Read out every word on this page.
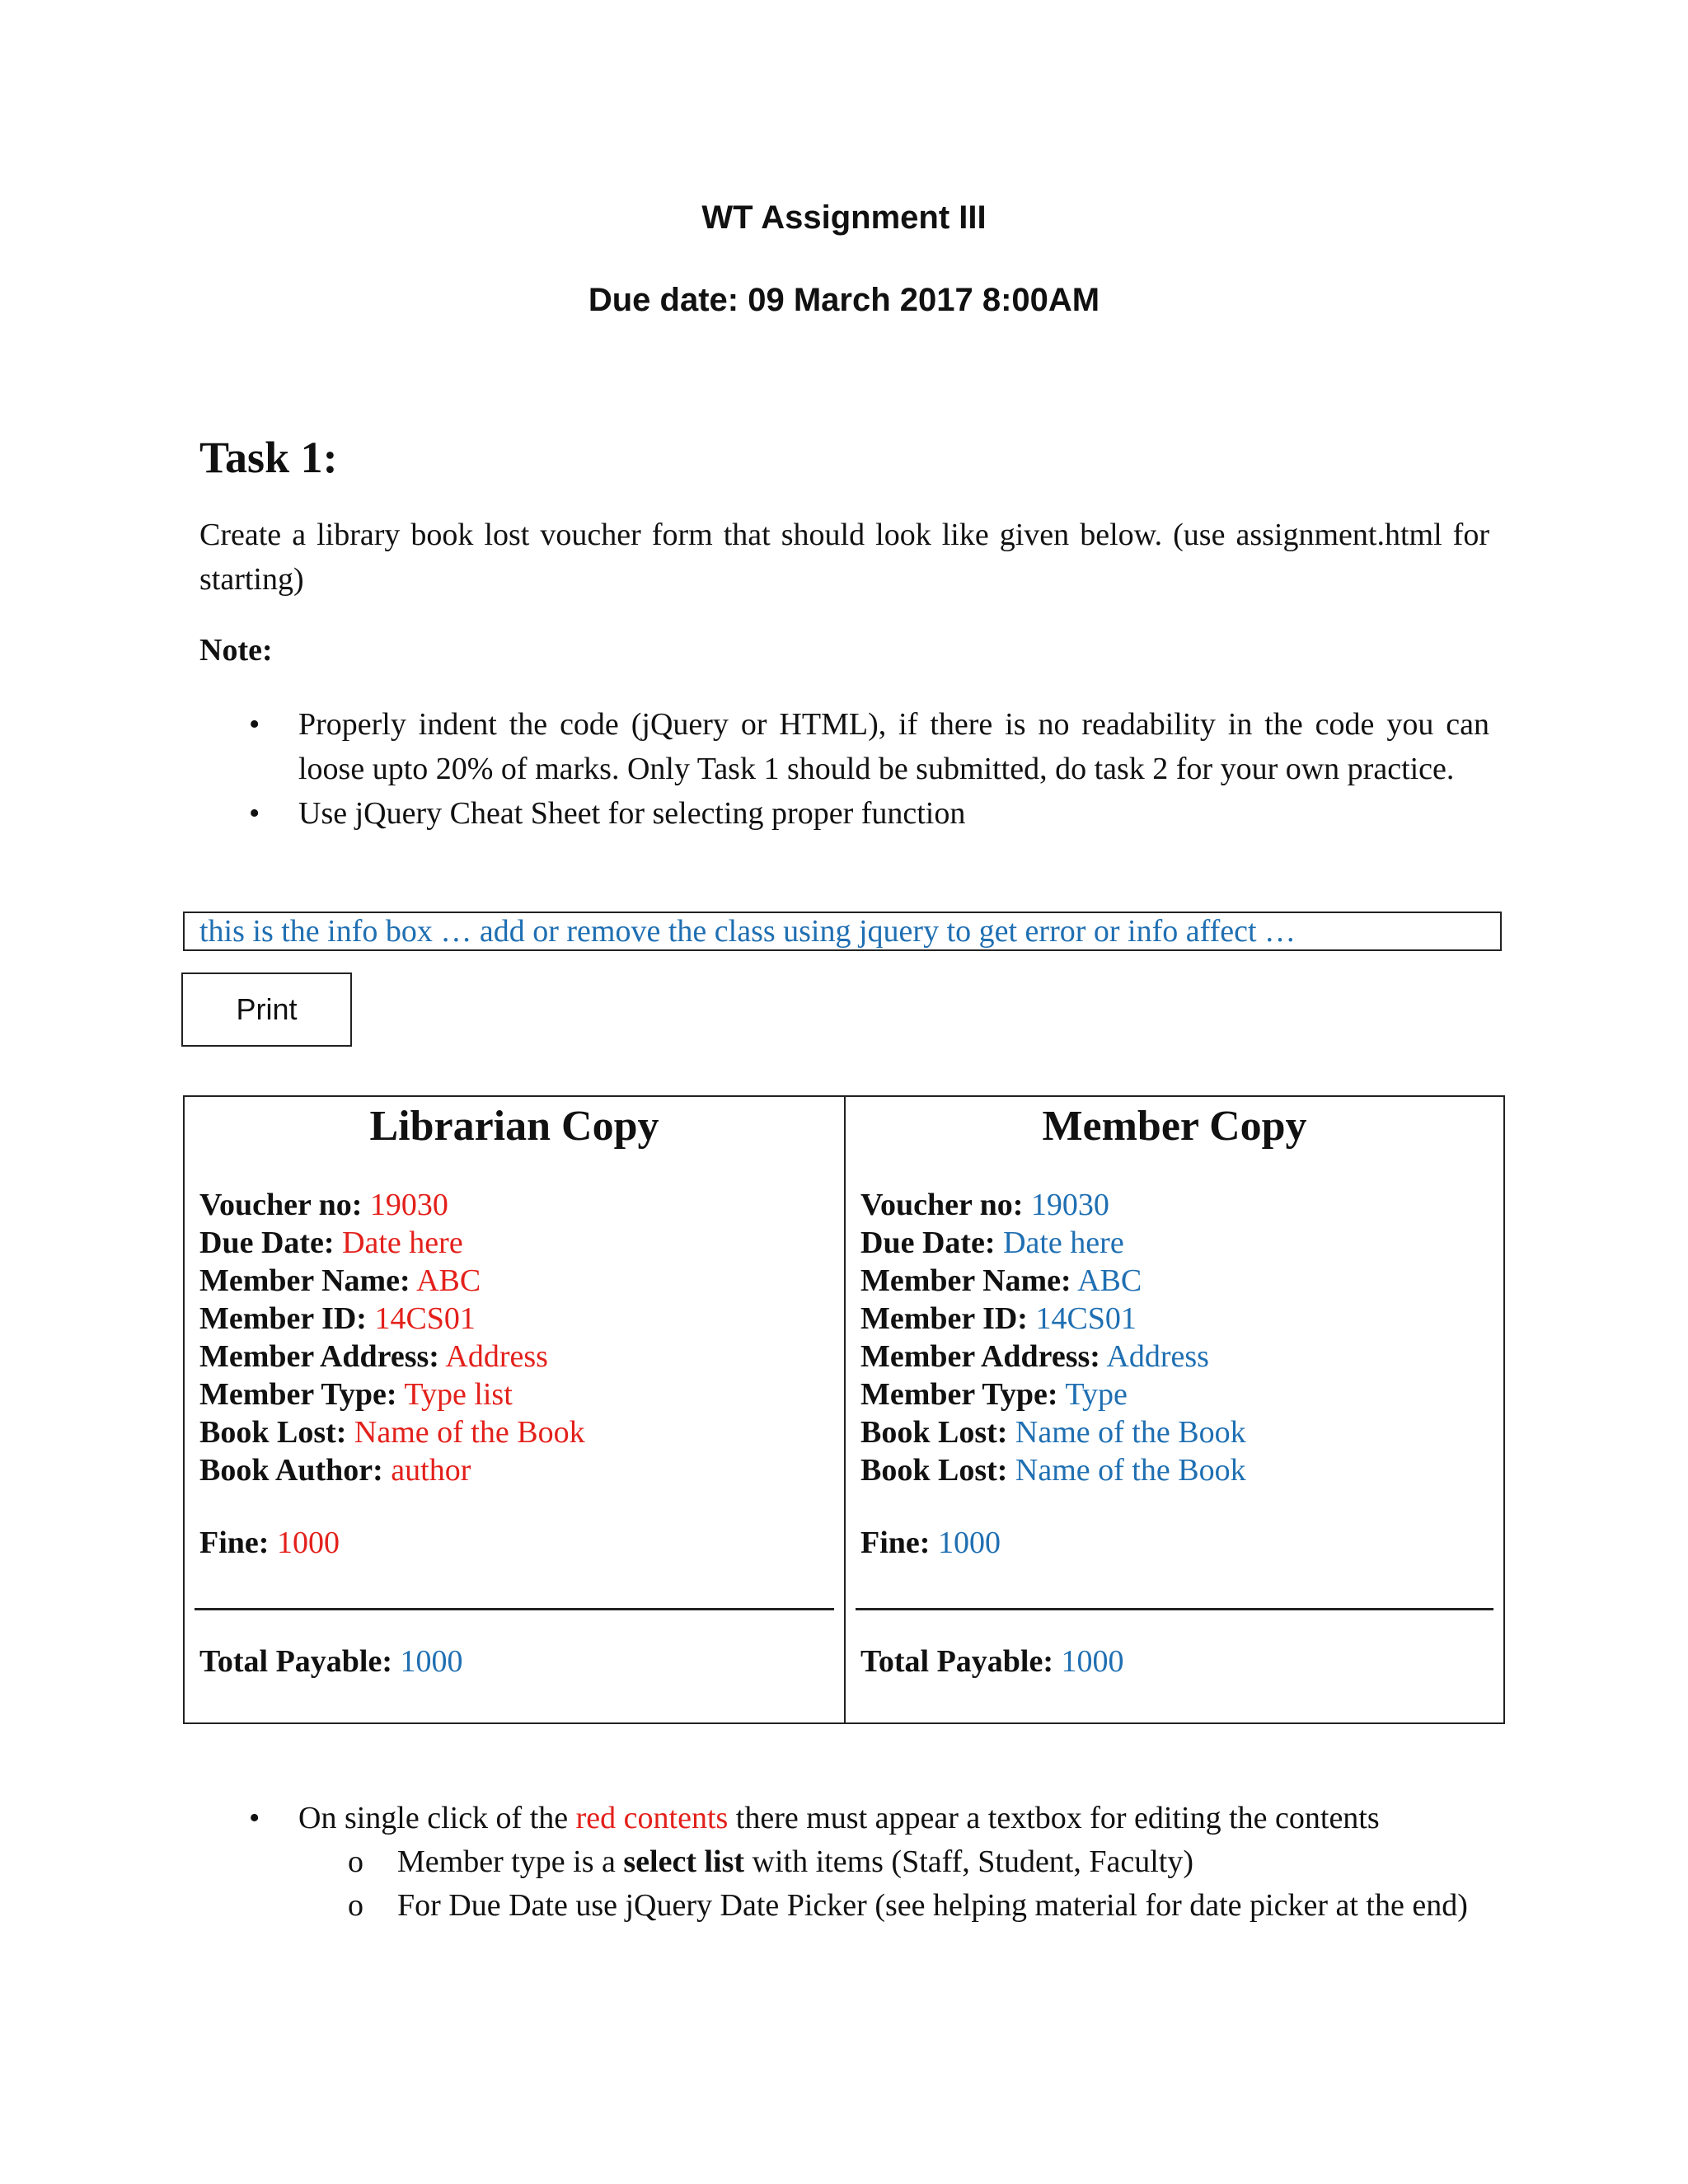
WT Assignment III
Due date: 09 March 2017 8:00AM
Task 1:

Create a library book lost voucher form that should look like given below. (use assignment.html for starting)

Note:
• Properly indent the code (jQuery or HTML), if there is no readability in the code you can loose upto 20% of marks. Only Task 1 should be submitted, do task 2 for your own practice.
• Use jQuery Cheat Sheet for selecting proper function
this is the info box … add or remove the class using jquery to get error or info affect …
Print
Librarian Copy
Voucher no: 19030
Due Date: Date here
Member Name: ABC
Member ID: 14CS01
Member Address: Address
Member Type: Type list
Book Lost: Name of the Book
Book Author: author
Fine: 1000
Total Payable: 1000
Member Copy
Voucher no: 19030
Due Date: Date here
Member Name: ABC
Member ID: 14CS01
Member Address: Address
Member Type: Type
Book Lost: Name of the Book
Book Lost: Name of the Book
Fine: 1000
Total Payable: 1000
• On single click of the red contents there must appear a textbox for editing the contents
o Member type is a select list with items (Staff, Student, Faculty)
o For Due Date use jQuery Date Picker (see helping material for date picker at the end)
